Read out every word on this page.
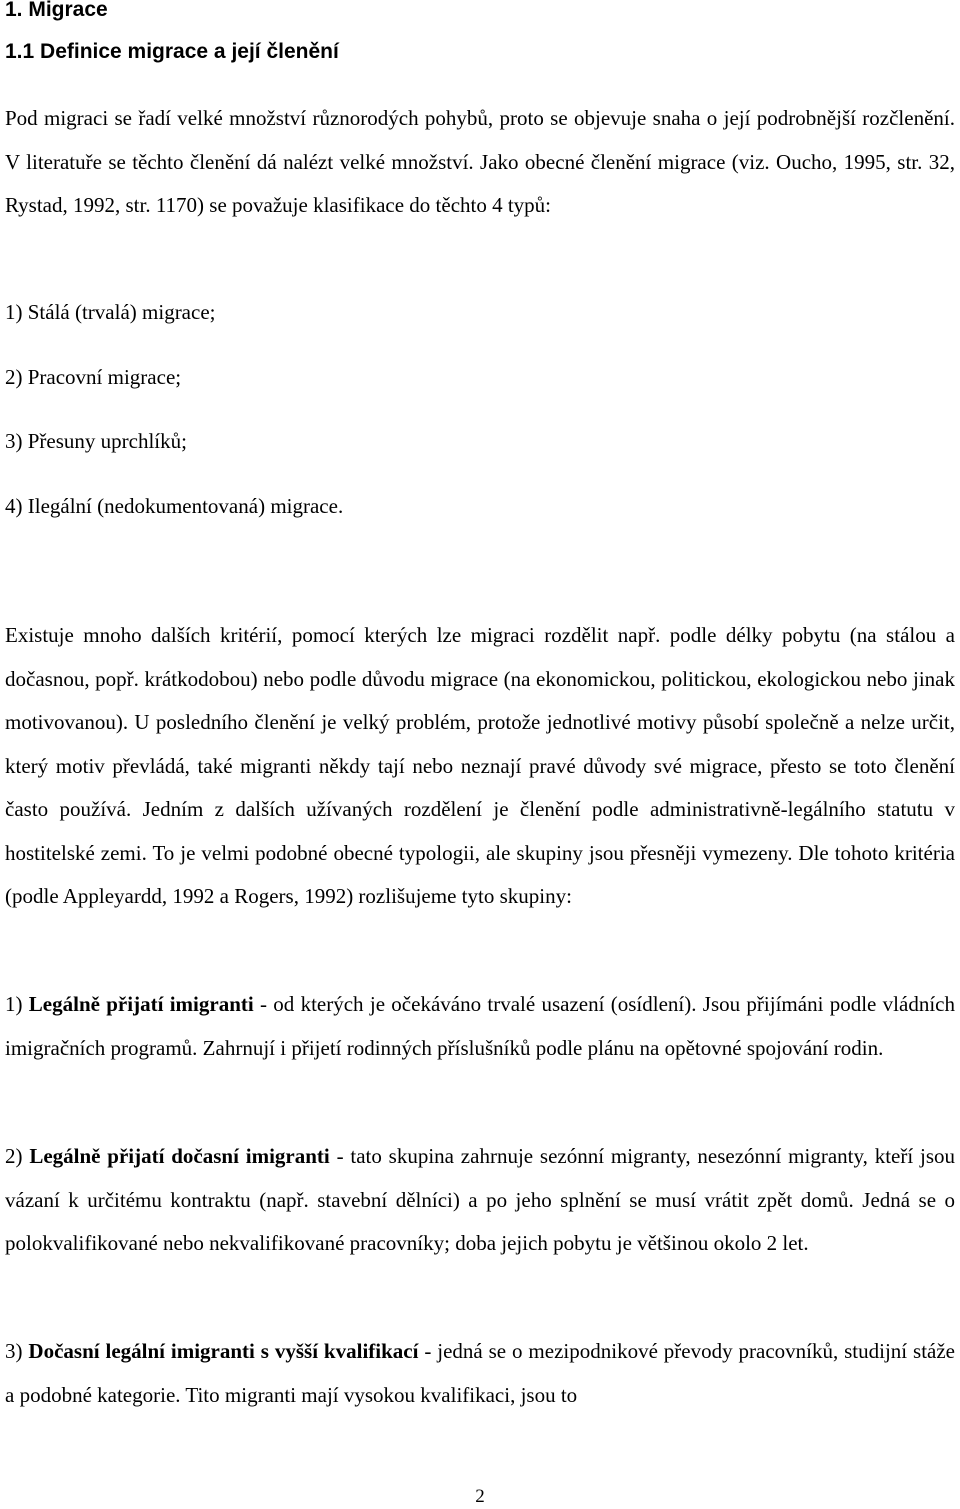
1. Migrace
1.1 Definice migrace a její členění
Pod migraci se řadí velké množství různorodých pohybů, proto se objevuje snaha o její podrobnější rozčlenění. V literatuře se těchto členění dá nalézt velké množství. Jako obecné členění migrace (viz. Oucho, 1995, str. 32, Rystad, 1992, str. 1170) se považuje klasifikace do těchto 4 typů:
1) Stálá (trvalá) migrace;
2) Pracovní migrace;
3) Přesuny uprchlíků;
4) Ilegální (nedokumentovaná) migrace.
Existuje mnoho dalších kritérií, pomocí kterých lze migraci rozdělit např. podle délky pobytu (na stálou a dočasnou, popř. krátkodobou) nebo podle důvodu migrace (na ekonomickou, politickou, ekologickou nebo jinak motivovanou). U posledního členění je velký problém, protože jednotlivé motivy působí společně a nelze určit, který motiv převládá, také migranti někdy tají nebo neznají pravé důvody své migrace, přesto se toto členění často používá. Jedním z dalších užívaných rozdělení je členění podle administrativně-legálního statutu v hostitelské zemi. To je velmi podobné obecné typologii, ale skupiny jsou přesněji vymezeny. Dle tohoto kritéria (podle Appleyardd, 1992 a Rogers, 1992) rozlišujeme tyto skupiny:
1) Legálně přijatí imigranti - od kterých je očekáváno trvalé usazení (osídlení). Jsou přijímáni podle vládních imigračních programů. Zahrnují i přijetí rodinných příslušníků podle plánu na opětovné spojování rodin.
2) Legálně přijatí dočasní imigranti - tato skupina zahrnuje sezónní migranty, nesezónní migranty, kteří jsou vázaní k určitému kontraktu (např. stavební dělníci) a po jeho splnění se musí vrátit zpět domů. Jedná se o polokvalifikované nebo nekvalifikované pracovníky; doba jejich pobytu je většinou okolo 2 let.
3) Dočasní legální imigranti s vyšší kvalifikací - jedná se o mezipodnikové převody pracovníků, studijní stáže a podobné kategorie. Tito migranti mají vysokou kvalifikaci, jsou to
2
